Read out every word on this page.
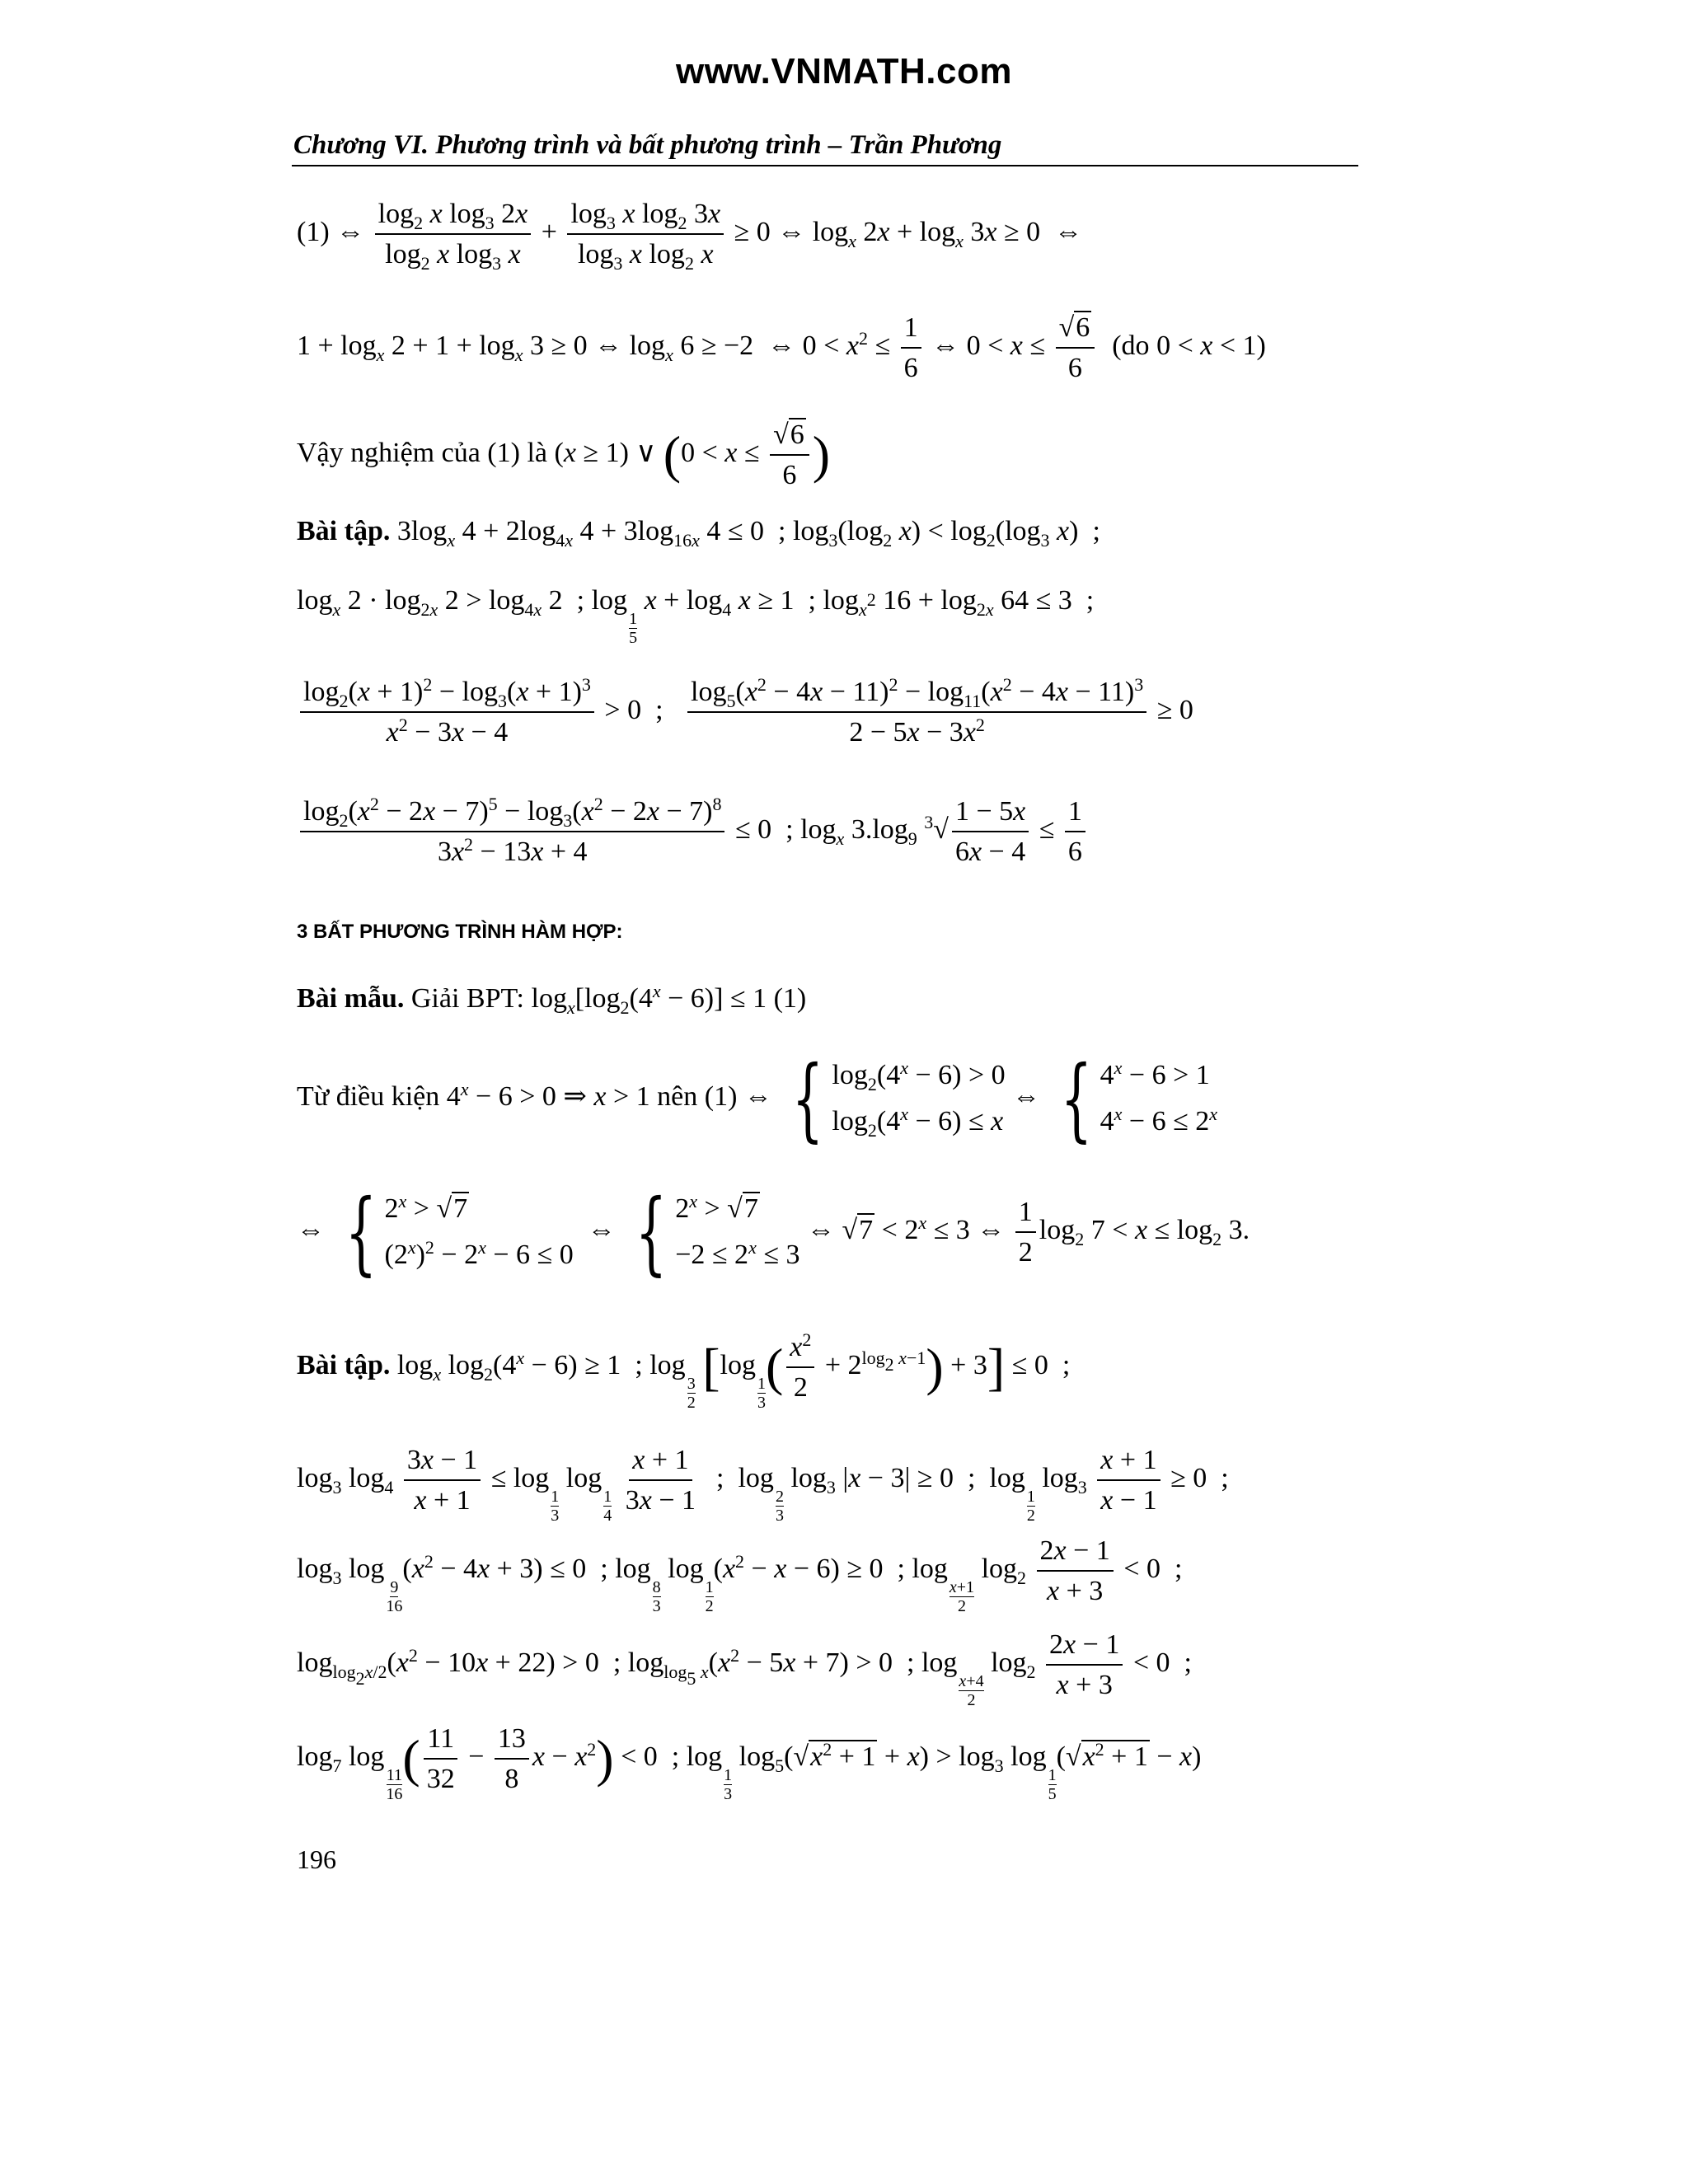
www.VNMATH.com
Chương VI. Phương trình và bất phương trình – Trần Phương
(1) ⇔ $\frac{\log_2 x \log_3 2x}{\log_2 x \log_3 x} + \frac{\log_3 x \log_2 3x}{\log_3 x \log_2 x} \ge 0$ ⇔ $\log_x 2x + \log_x 3x \ge 0$  ⇔
$1 + \log_x 2 + 1 + \log_x 3 \ge 0$ ⇔ $\log_x 6 \ge -2$  ⇔ $0 < x^2 \le \frac{1}{6}$ ⇔ $0 < x \le \frac{√6}{6} (do$ 0 < x < 1)
Vậy nghiệm của (1) là (x ≥ 1) ∨ ($0 < x \le \frac{√6}{6}$ )
Bài tập. $3\log_x$ $4 + 2\log_{4x}$ $4 + 3\log_{16x}$ 4 ≤ 0  ; $\log_3(\log_2$ $x) < \log_2(\log_3$ x)  ;
$\log_x 2 \cdot \log_{2x} 2 > \log_{4x} 2$  ; log
$\frac{1}{5}$
$x + \log_4 x \ge 1$  ; $\log_{x^2} 16 + \log_{2x} 64 \le 3$  ;
$\frac{\log_2(x + 1)^2 - \log_3(x + 1)^3}{x^2 - 3x - 4} > 0$  ; $\frac{\log_5(x^2 - 4x - 11)^2 - \log_{11}(x^2 - 4x - 11)^3}{2 - 5x - 3x^2} \ge 0$
$\frac{\log_2(x^2 - 2x - 7)^5 - \log_3(x^2 - 2x - 7)^8}{3x^2 - 13x + 4} \le 0$  ; $\log_x 3.\log_9$ $^3√ \frac{1 - 5x}{6x - 4} \le \frac{1}{6}$
3 BẤT PHƯƠNG TRÌNH HÀM HỢP:
Bài mẫu. Giải BPT: $\log_x[\log_2(4^x - 6)] \le 1$ (1)
Từ điều kiện $4^x - 6 > 0$ ⇒ x > 1 nên (1) ⇔ { $\log_2(4^x - 6) > 0$
$\log_2(4^x - 6) \le x$
⇔ { $4^x - 6 > 1$
$4^x - 6 \le 2^x$
⇔ { $2^x > √7$
$(2^x)^2 - 2^x - 6 \le 0$
⇔ { $2^x > √7$
$-2 \le 2^x \le 3$
⇔ $√7 < 2^x \le 3$ ⇔ $\frac{1}{2} \log_2 7 < x \le \log_2 3$.
Bài tập. $\log_x \log_2(4^x - 6) \ge 1$  ; log
$\frac{3}{2} [\log$
$\frac{1}{3}$ ( $\frac{x^2}{2} + 2^{log_2 x-1}) + 3] \le 0$  ;
$\log_3 \log_4 \frac{3x - 1}{x + 1} \le \log$
$\frac{1}{3}$
log
$\frac{1}{4}$
$\frac{x + 1}{3x - 1}$ ;  log
$\frac{2}{3}$
$\log_3 |x - 3| \ge 0$  ;  log
$\frac{1}{2}$
$\log_3 \frac{x + 1}{x - 1} \ge 0$  ;
$\log_3 \log$
$\frac{9}{16}$
$(x^2 - 4x + 3) \le 0$  ; log
$\frac{8}{3}$
log
$\frac{1}{2}$
$(x^2 - x - 6) \ge 0$  ; log
$\frac{x+1}{2}$
$\log_2 \frac{2x - 1}{x + 3} < 0$  ;
$\log_{log_2x/2}(x^2 - 10x + 22) > 0$  ; $\log_{log_5 x}(x^2 - 5x + 7) > 0$  ; log
$\frac{x+4}{2}$
$\log_2 \frac{2x - 1}{x + 3} < 0$  ;
$\log_7 \log$
$\frac{11}{16}$ ( $\frac{11}{32} - \frac{13}{8}$ $x - x^2) < 0$  ; log
$\frac{1}{3}$
$\log_5(√x^2 + 1 + x) > \log_3 \log$
$\frac{1}{5}$
$(√x^2 + 1 - x)$
196
